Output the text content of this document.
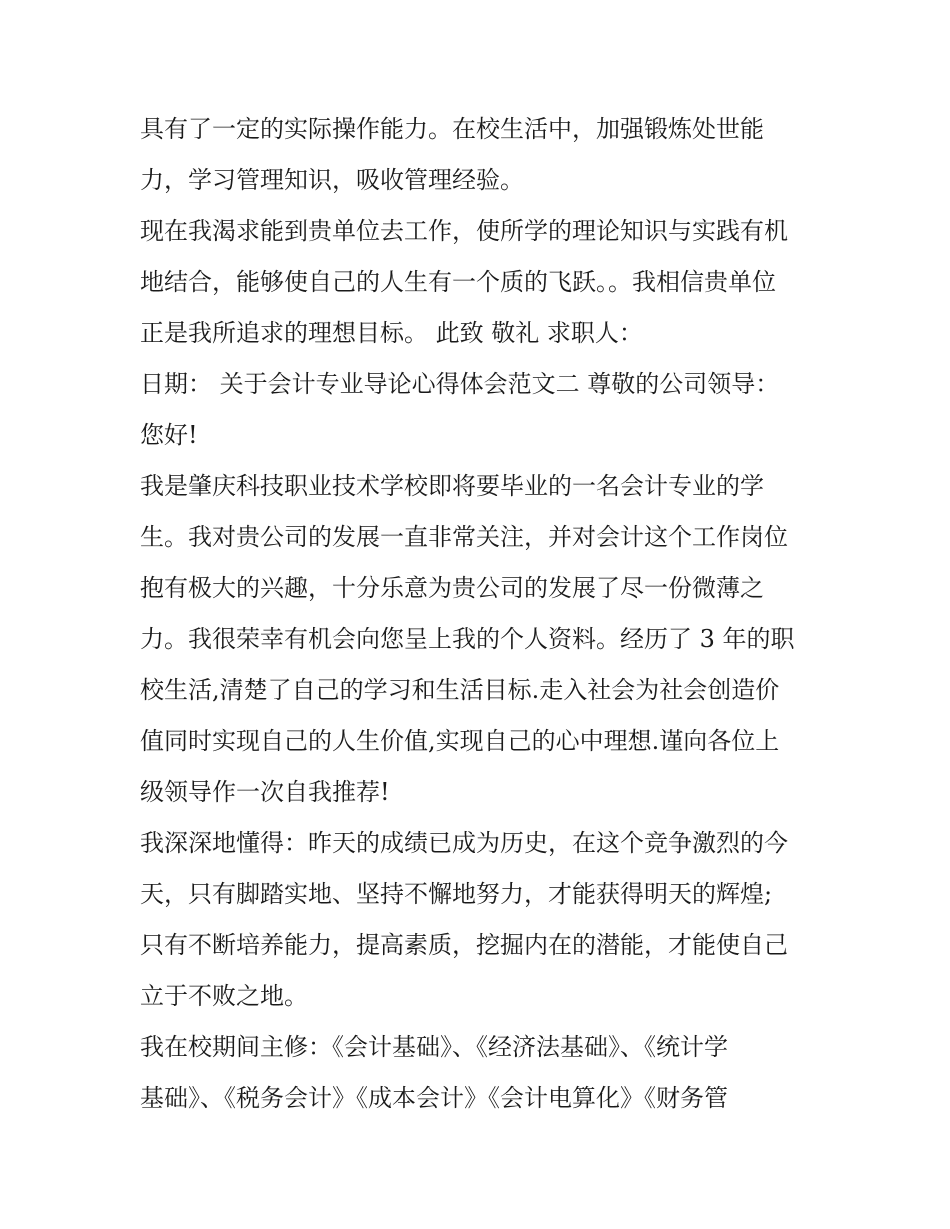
具有了一定的实际操作能力。在校生活中，加强锻炼处世能
力，学习管理知识，吸收管理经验。
现在我渴求能到贵单位去工作，使所学的理论知识与实践有机
地结合，能够使自己的人生有一个质的飞跃。。我相信贵单位
正是我所追求的理想目标。 此致 敬礼 求职人：
日期： 关于会计专业导论心得体会范文二 尊敬的公司领导：
您好!
我是肇庆科技职业技术学校即将要毕业的一名会计专业的学
生。我对贵公司的发展一直非常关注，并对会计这个工作岗位
抱有极大的兴趣，十分乐意为贵公司的发展了尽一份微薄之
力。我很荣幸有机会向您呈上我的个人资料。经历了 3 年的职
校生活,清楚了自己的学习和生活目标.走入社会为社会创造价
值同时实现自己的人生价值,实现自己的心中理想.谨向各位上
级领导作一次自我推荐!
我深深地懂得：昨天的成绩已成为历史，在这个竞争激烈的今
天，只有脚踏实地、坚持不懈地努力，才能获得明天的辉煌;
只有不断培养能力，提高素质，挖掘内在的潜能，才能使自己
立于不败之地。
我在校期间主修：《会计基础》、《经济法基础》、《统计学
基础》、《税务会计》《成本会计》《会计电算化》《财务管
